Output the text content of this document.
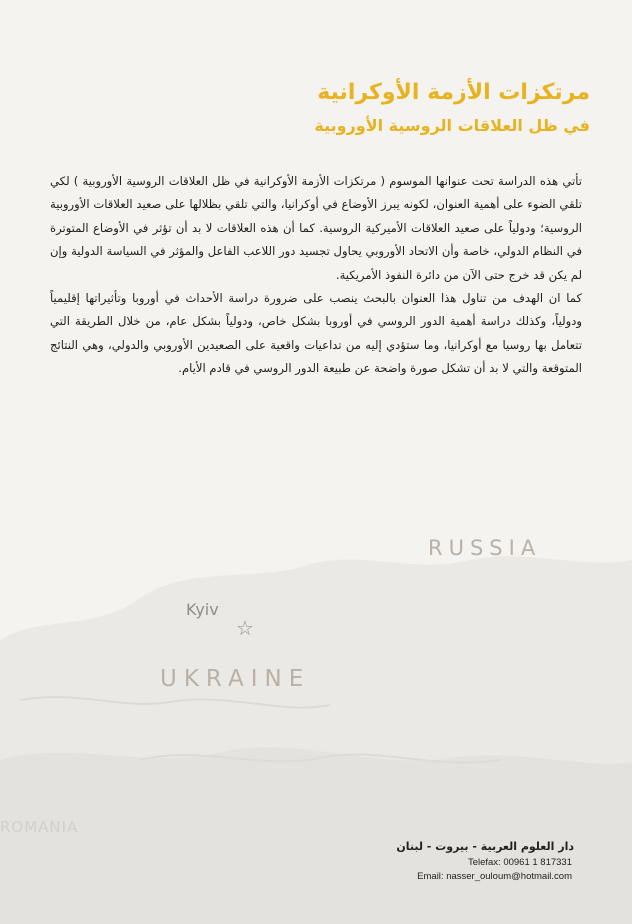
مرتكزات الأزمة الأوكرانية
في ظل العلاقات الروسية الأوروبية

تأتي هذه الدراسة تحت عنوانها الموسوم ( مرتكزات الأزمة الأوكرانية في ظل العلاقات الروسية الأوروبية ) لكي تلقي الضوء على أهمية العنوان، لكونه يبرز الأوضاع في أوكرانيا، والتي تلقي بظلالها على صعيد العلاقات الأوروبية الروسية؛ ودولياً على صعيد العلاقات الأميركية الروسية. كما أن هذه العلاقات لا بد أن تؤثر في الأوضاع المتوترة في النظام الدولي، خاصة وأن الاتحاد الأوروبي يحاول تجسيد دور اللاعب الفاعل والمؤثر في السياسة الدولية وإن لم يكن قد خرج حتى الآن من دائرة النفوذ الأمريكية.

كما ان الهدف من تناول هذا العنوان بالبحث ينصب على ضرورة دراسة الأحداث في أوروبا وتأثيراتها إقليمياً ودولياً، وكذلك دراسة أهمية الدور الروسي في أوروبا بشكل خاص، ودولياً بشكل عام، من خلال الطريقة التي تتعامل بها روسيا مع أوكرانيا، وما ستؤدي إليه من تداعيات واقعية على الصعيدين الأوروبي والدولي، وهي النتائج المتوقعة والتي لا بد أن تشكل صورة واضحة عن طبيعة الدور الروسي في قادم الأيام.

RUSSIA
Kyiv
☆
UKRAINE
ROMANIA
دار العلوم العربية - بيروت - لبنان
Telefax: 00961 1 817331
Email: nasser_ouloum@hotmail.com
